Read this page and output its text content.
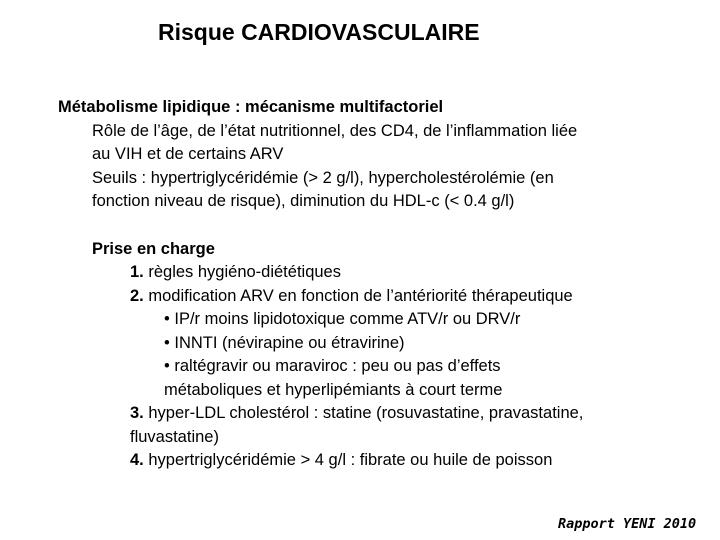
Risque CARDIOVASCULAIRE
Métabolisme lipidique : mécanisme multifactoriel
Rôle de l’âge, de l’état nutritionnel, des CD4, de l’inflammation liée
au VIH et de certains ARV
Seuils : hypertriglycéridémie (> 2 g/l), hypercholestérolémie (en
fonction niveau de risque), diminution du HDL-c (< 0.4 g/l)
Prise en charge
1. règles hygiéno-diététiques
2. modification ARV en fonction de l’antériorité thérapeutique
• IP/r moins lipidotoxique comme ATV/r ou DRV/r
• INNTI (névirapine ou étravirine)
• raltégravir ou maraviroc : peu ou pas d’effets
métaboliques et hyperlipémiants à court terme
3. hyper-LDL cholestérol : statine (rosuvastatine, pravastatine,
fluvastatine)
4. hypertriglycéridémie > 4 g/l : fibrate ou huile de poisson
Rapport YENI 2010
